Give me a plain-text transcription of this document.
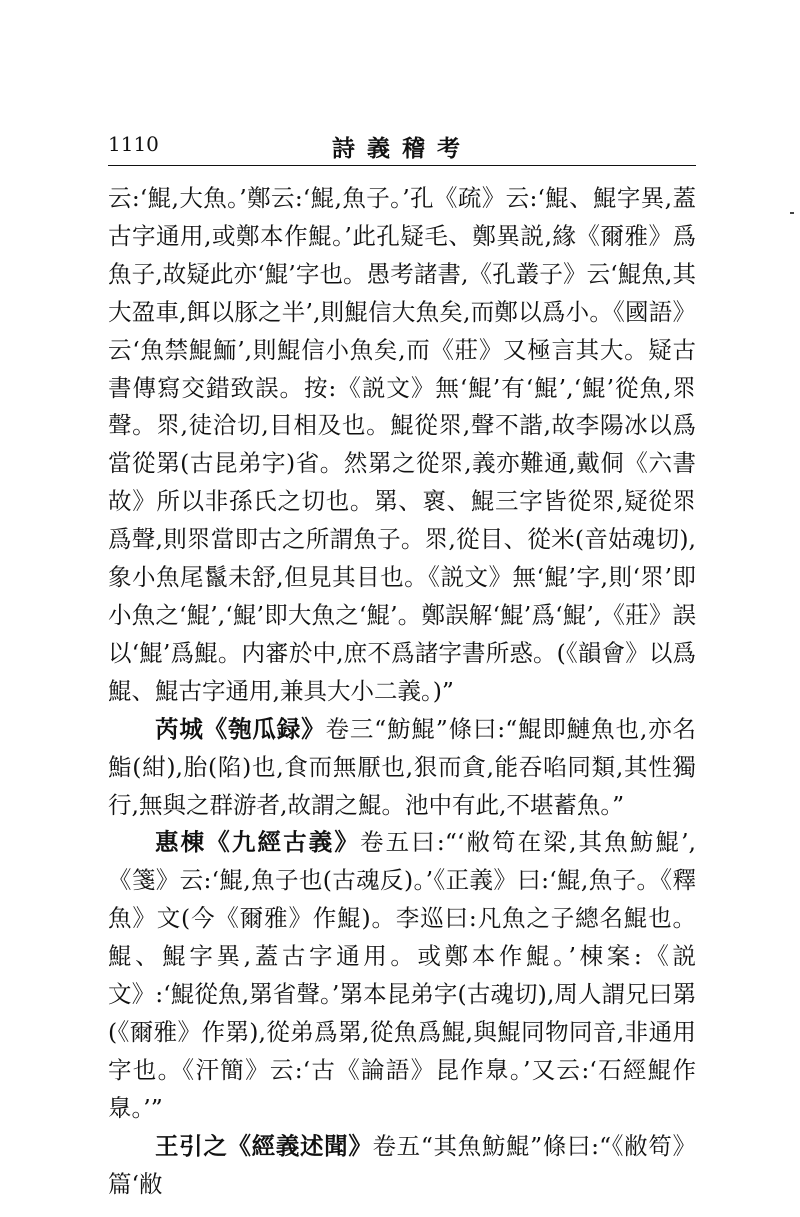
1110	詩義稽考

云:‘鯤,大魚。’鄭云:‘鯤,魚子。’孔《疏》云:‘鯤、鯤字異,蓋古字通用,或鄭本作鯤。’此孔疑毛、鄭異説,緣《爾雅》爲魚子,故疑此亦‘鯤’字也。愚考諸書,《孔叢子》云‘鯤魚,其大盈車,餌以豚之半’,則鯤信大魚矣,而鄭以爲小。《國語》云‘魚禁鯤鮞’,則鯤信小魚矣,而《莊》又極言其大。疑古書傳寫交錯致誤。按:《説文》無‘鯤’有‘鯤’,‘鯤’從魚,眔聲。眔,徒洽切,目相及也。鯤從眔,聲不諧,故李陽冰以爲當從罤(古昆弟字)省。然罤之從眔,義亦難通,戴侗《六書故》所以非孫氏之切也。罤、褱、鯤三字皆從眔,疑從眔爲聲,則眔當即古之所謂魚子。眔,從目、從米(音姑魂切),象小魚尾鬣未舒,但見其目也。《説文》無‘鯤’字,則‘眔’即小魚之‘鯤’,‘鯤’即大魚之‘鯤’。鄭誤解‘鯤’爲‘鯤’,《莊》誤以‘鯤’爲鯤。内審於中,庶不爲諸字書所惑。(《韻會》以爲鯤、鯤古字通用,兼具大小二義。)”

芮城《匏瓜録》卷三“魴鯤”條曰:“鯤即鰱魚也,亦名鮨(紺),胎(陷)也,食而無厭也,狠而貪,能吞啗同類,其性獨行,無與之群游者,故謂之鯤。池中有此,不堪蓄魚。”

惠棟《九經古義》卷五曰:“‘敝笱在梁,其魚魴鯤’,《箋》云:‘鯤,魚子也(古魂反)。’《正義》曰:‘鯤,魚子。《釋魚》文(今《爾雅》作鯤)。李巡曰:凡魚之子總名鯤也。鯤、鯤字異,蓋古字通用。或鄭本作鯤。’棟案:《説文》:‘鯤從魚,罤省聲。’罤本昆弟字(古魂切),周人謂兄曰罤(《爾雅》作罤),從弟爲罤,從魚爲鯤,與鯤同物同音,非通用字也。《汗簡》云:‘古《論語》昆作臮。’又云:‘石經鯤作臮。’”

王引之《經義述聞》卷五“其魚魴鯤”條曰:“《敝笱》篇‘敝
